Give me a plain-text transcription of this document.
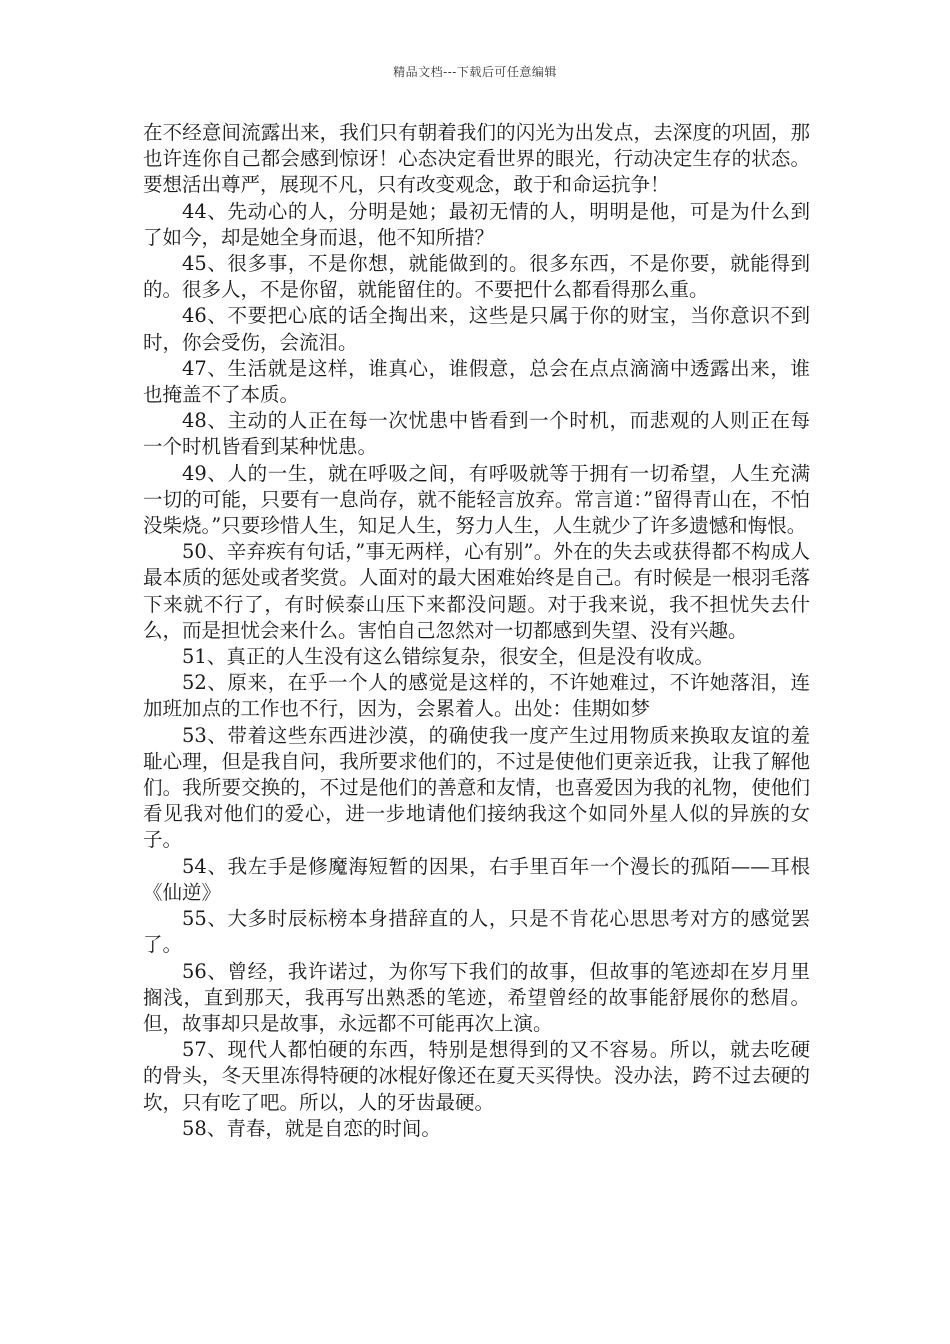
精品文档---下载后可任意编辑

在不经意间流露出来，我们只有朝着我们的闪光为出发点，去深度的巩固，那也许连你自己都会感到惊讶！心态决定看世界的眼光，行动决定生存的状态。要想活出尊严，展现不凡，只有改变观念，敢于和命运抗争！

44、先动心的人，分明是她；最初无情的人，明明是他，可是为什么到了如今，却是她全身而退，他不知所措？

45、很多事，不是你想，就能做到的。很多东西，不是你要，就能得到的。很多人，不是你留，就能留住的。不要把什么都看得那么重。

46、不要把心底的话全掏出来，这些是只属于你的财宝，当你意识不到时，你会受伤，会流泪。

47、生活就是这样，谁真心，谁假意，总会在点点滴滴中透露出来，谁也掩盖不了本质。

48、主动的人正在每一次忧患中皆看到一个时机，而悲观的人则正在每一个时机皆看到某种忧患。

49、人的一生，就在呼吸之间，有呼吸就等于拥有一切希望，人生充满一切的可能，只要有一息尚存，就不能轻言放弃。常言道：”留得青山在，不怕没柴烧。”只要珍惜人生，知足人生，努力人生，人生就少了许多遗憾和悔恨。

50、辛弃疾有句话，”事无两样，心有别”。外在的失去或获得都不构成人最本质的惩处或者奖赏。人面对的最大困难始终是自己。有时候是一根羽毛落下来就不行了，有时候泰山压下来都没问题。对于我来说，我不担忧失去什么，而是担忧会来什么。害怕自己忽然对一切都感到失望、没有兴趣。

51、真正的人生没有这么错综复杂，很安全，但是没有收成。

52、原来，在乎一个人的感觉是这样的，不许她难过，不许她落泪，连加班加点的工作也不行，因为，会累着人。出处：佳期如梦

53、带着这些东西进沙漠，的确使我一度产生过用物质来换取友谊的羞耻心理，但是我自问，我所要求他们的，不过是使他们更亲近我，让我了解他们。我所要交换的，不过是他们的善意和友情，也喜爱因为我的礼物，使他们看见我对他们的爱心，进一步地请他们接纳我这个如同外星人似的异族的女子。

54、我左手是修魔海短暂的因果，右手里百年一个漫长的孤陌——耳根　《仙逆》

55、大多时辰标榜本身措辞直的人，只是不肯花心思思考对方的感觉罢了。

56、曾经，我许诺过，为你写下我们的故事，但故事的笔迹却在岁月里搁浅，直到那天，我再写出熟悉的笔迹，希望曾经的故事能舒展你的愁眉。但，故事却只是故事，永远都不可能再次上演。

57、现代人都怕硬的东西，特别是想得到的又不容易。所以，就去吃硬的骨头，冬天里冻得特硬的冰棍好像还在夏天买得快。没办法，跨不过去硬的坎，只有吃了吧。所以，人的牙齿最硬。

58、青春，就是自恋的时间。
